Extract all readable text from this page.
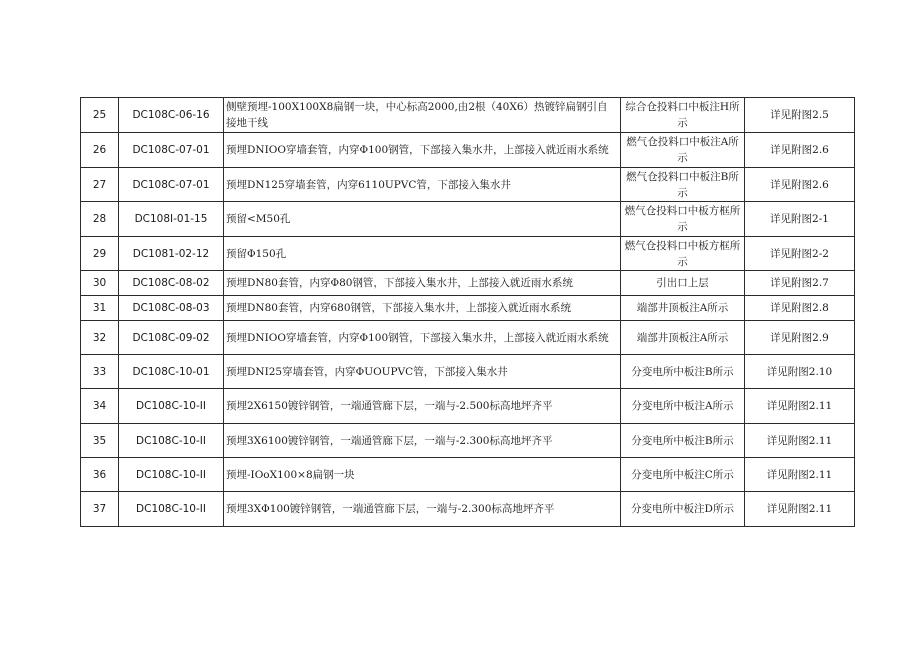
25	DC108C-06-16	侧壁预埋-100X100X8扁钢一块，中心标高2000,由2根（40X6）热镀锌扁钢引自接地干线	综合仓投料口中板注H所示	详见附图2.5
26	DC108C-07-01	预埋DNIOO穿墙套管，内穿Φ100钢管，下部接入集水井，上部接入就近雨水系统	燃气仓投料口中板注A所示	详见附图2.6
27	DC108C-07-01	预埋DN125穿墙套管，内穿6110UPVC管，下部接入集水井	燃气仓投料口中板注B所示	详见附图2.6
28	DC108I-01-15	预留<M50孔	燃气仓投料口中板方框所示	详见附图2-1
29	DC1081-02-12	预留Φ150孔	燃气仓投料口中板方框所示	详见附图2-2
30	DC108C-08-02	预埋DN80套管，内穿Φ80钢管，下部接入集水井，上部接入就近雨水系统	引出口上层	详见附图2.7
31	DC108C-08-03	预埋DN80套管，内穿680钢管，下部接入集水井，上部接入就近雨水系统	端部井顶板注A所示	详见附图2.8
32	DC108C-09-02	预埋DNIOO穿墙套管，内穿Φ100钢管，下部接入集水井，上部接入就近雨水系统	端部井顶板注A所示	详见附图2.9
33	DC108C-10-01	预埋DNI25穿墙套管，内穿ΦUOUPVC管，下部接入集水井	分变电所中板注B所示	详见附图2.10
34	DC108C-10-II	预埋2X6150镀锌钢管，一端通管廊下层，一端与-2.500标高地坪齐平	分变电所中板注A所示	详见附图2.11
35	DC108C-10-II	预埋3X6100镀锌钢管，一端通管廊下层，一端与-2.300标高地坪齐平	分变电所中板注B所示	详见附图2.11
36	DC108C-10-II	预埋-IOoX100×8扁钢一块	分变电所中板注C所示	详见附图2.11
37	DC108C-10-II	预埋3XΦ100镀锌钢管，一端通管廊下层，一端与-2.300标高地坪齐平	分变电所中板注D所示	详见附图2.11
